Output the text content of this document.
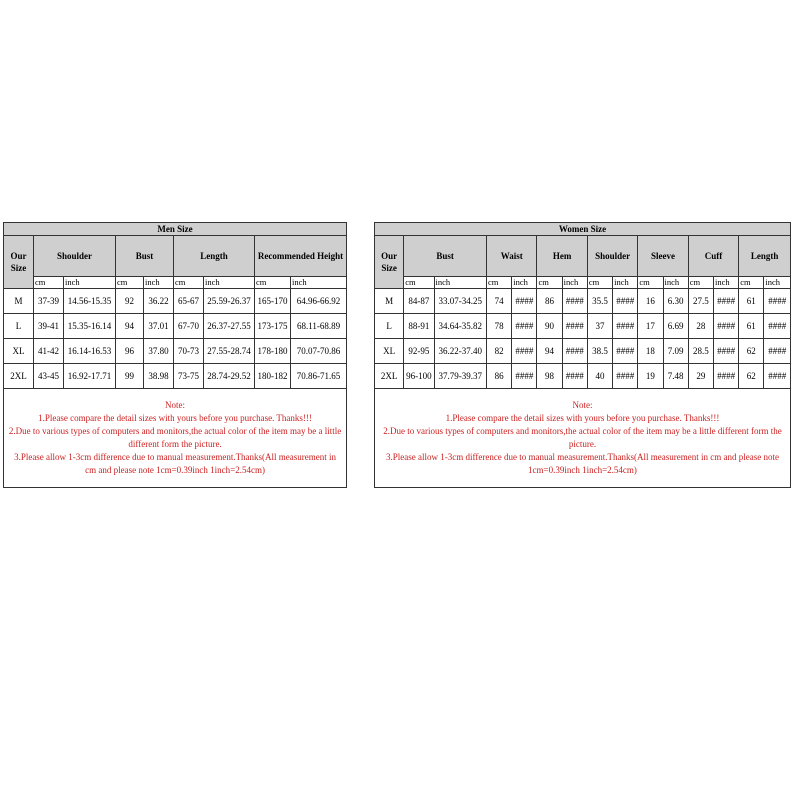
Men Size								
Our Size	Shoulder		Bust		Length		Recommended Height	
	cm	inch	cm	inch	cm	inch	cm	inch
M	37-39	14.56-15.35	92	36.22	65-67	25.59-26.37	165-170	64.96-66.92
L	39-41	15.35-16.14	94	37.01	67-70	26.37-27.55	173-175	68.11-68.89
XL	41-42	16.14-16.53	96	37.80	70-73	27.55-28.74	178-180	70.07-70.86
2XL	43-45	16.92-17.71	99	38.98	73-75	28.74-29.52	180-182	70.86-71.65

Note:
1.Please compare the detail sizes with yours before you purchase. Thanks!!!
2.Due to various types of computers and monitors,the actual color of the item may be a little different form the picture.
3.Please allow 1-3cm difference due to manual measurement.Thanks(All measurement in cm and please note 1cm=0.39inch 1inch=2.54cm)								
Women Size														
Our Size	Bust		Waist		Hem		Shoulder		Sleeve		Cuff		Length	
	cm	inch	cm	inch	cm	inch	cm	inch	cm	inch	cm	inch	cm	inch
M	84-87	33.07-34.25	74	####	86	####	35.5	####	16	6.30	27.5	####	61	####
L	88-91	34.64-35.82	78	####	90	####	37	####	17	6.69	28	####	61	####
XL	92-95	36.22-37.40	82	####	94	####	38.5	####	18	7.09	28.5	####	62	####
2XL	96-100	37.79-39.37	86	####	98	####	40	####	19	7.48	29	####	62	####

Note:
1.Please compare the detail sizes with yours before you purchase. Thanks!!!
2.Due to various types of computers and monitors,the actual color of the item may be a little different form the picture.
3.Please allow 1-3cm difference due to manual measurement.Thanks(All measurement in cm and please note 1cm=0.39inch 1inch=2.54cm)														
